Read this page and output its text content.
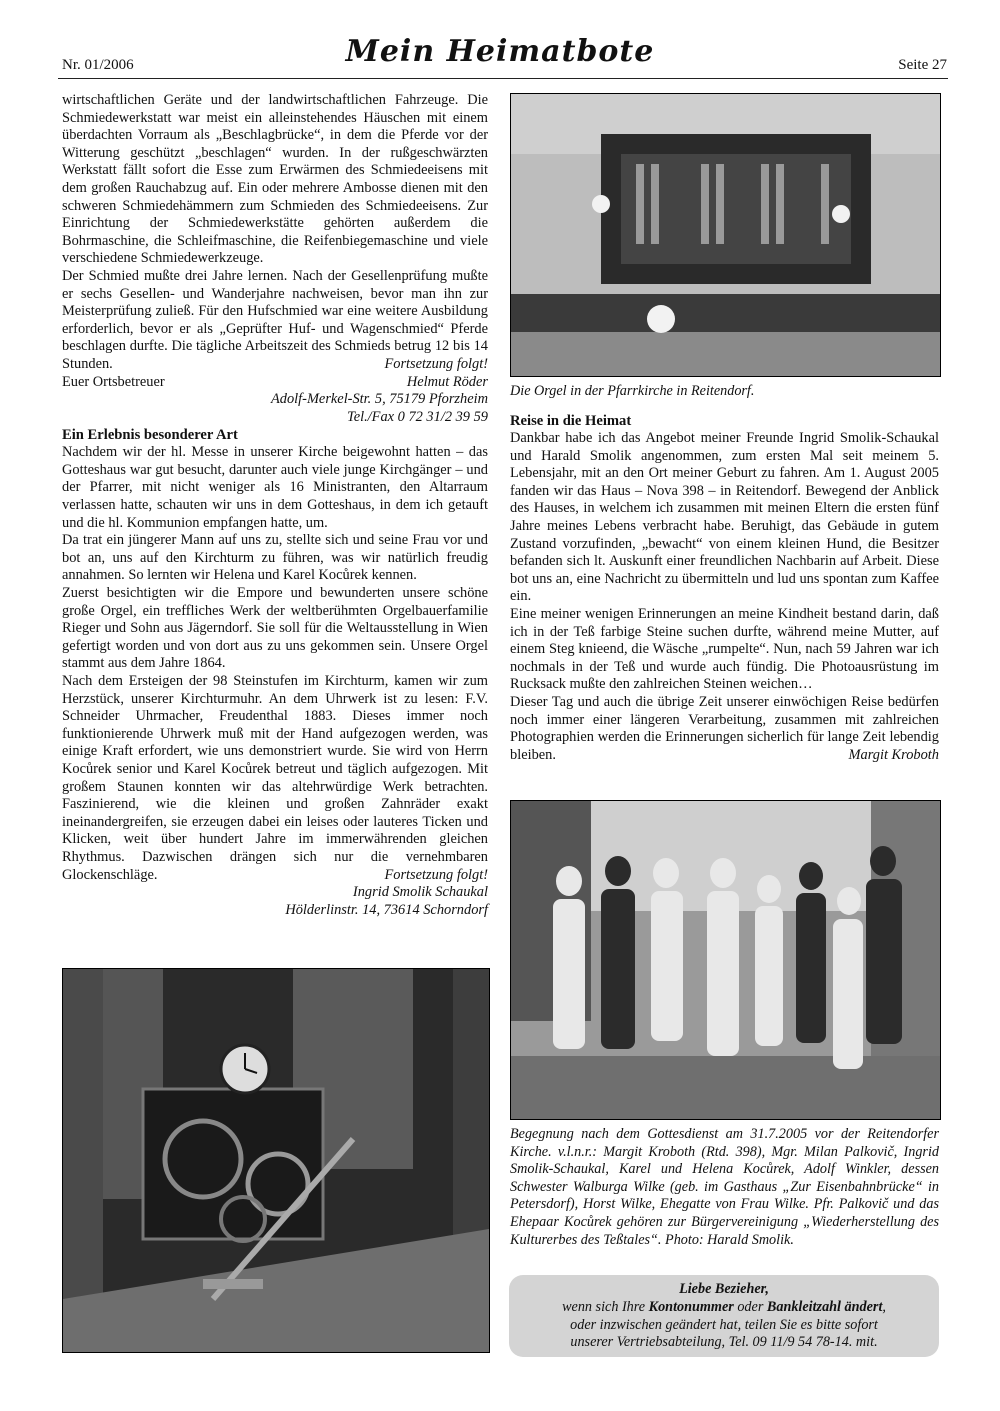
Nr. 01/2006	Mein Heimatbote	Seite 27

wirtschaftlichen Geräte und der landwirtschaftlichen Fahrzeuge. Die Schmiedewerkstatt war meist ein alleinstehendes Häuschen mit einem überdachten Vorraum als „Beschlagbrücke“, in dem die Pferde vor der Witterung geschützt „beschlagen“ wurden. In der rußgeschwärzten Werkstatt fällt sofort die Esse zum Erwärmen des Schmiedeeisens mit dem großen Rauchabzug auf. Ein oder mehrere Ambosse dienen mit den schweren Schmiedehämmern zum Schmieden des Schmiedeeisens. Zur Einrichtung der Schmiedewerkstätte gehörten außerdem die Bohrmaschine, die Schleifmaschine, die Reifenbiegemaschine und viele verschiedene Schmiedewerkzeuge.

Der Schmied mußte drei Jahre lernen. Nach der Gesellenprüfung mußte er sechs Gesellen- und Wanderjahre nachweisen, bevor man ihn zur Meisterprüfung zuließ. Für den Hufschmied war eine weitere Ausbildung erforderlich, bevor er als „Geprüfter Huf- und Wagenschmied“ Pferde beschlagen durfte. Die tägliche Arbeitszeit des Schmieds betrug 12 bis 14 Stunden.	Fortsetzung folgt!

Euer Ortsbetreuer	Helmut Röder

Adolf-Merkel-Str. 5, 75179 Pforzheim

Tel./Fax 0 72 31/2 39 59

Ein Erlebnis besonderer Art

Nachdem wir der hl. Messe in unserer Kirche beigewohnt hatten – das Gotteshaus war gut besucht, darunter auch viele junge Kirchgänger – und der Pfarrer, mit nicht weniger als 16 Ministranten, den Altarraum verlassen hatte, schauten wir uns in dem Gotteshaus, in dem ich getauft und die hl. Kommunion empfangen hatte, um.

Da trat ein jüngerer Mann auf uns zu, stellte sich und seine Frau vor und bot an, uns auf den Kirchturm zu führen, was wir natürlich freudig annahmen. So lernten wir Helena und Karel Kocůrek kennen.

Zuerst besichtigten wir die Empore und bewunderten unsere schöne große Orgel, ein treffliches Werk der weltberühmten Orgelbauerfamilie Rieger und Sohn aus Jägerndorf. Sie soll für die Weltausstellung in Wien gefertigt worden und von dort aus zu uns gekommen sein. Unsere Orgel stammt aus dem Jahre 1864.

Nach dem Ersteigen der 98 Steinstufen im Kirchturm, kamen wir zum Herzstück, unserer Kirchturmuhr. An dem Uhrwerk ist zu lesen: F.V. Schneider Uhrmacher, Freudenthal 1883. Dieses immer noch funktionierende Uhrwerk muß mit der Hand aufgezogen werden, was einige Kraft erfordert, wie uns demonstriert wurde. Sie wird von Herrn Kocůrek senior und Karel Kocůrek betreut und täglich aufgezogen. Mit großem Staunen konnten wir das altehrwürdige Werk betrachten. Faszinierend, wie die kleinen und großen Zahnräder exakt ineinandergreifen, sie erzeugen dabei ein leises oder lauteres Ticken und Klicken, weit über hundert Jahre im immerwährenden gleichen Rhythmus. Dazwischen drängen sich nur die vernehmbaren Glockenschläge.	Fortsetzung folgt!

Ingrid Smolik Schaukal

Hölderlinstr. 14, 73614 Schorndorf

Die Orgel in der Pfarrkirche in Reitendorf.
Reise in die Heimat

Dankbar habe ich das Angebot meiner Freunde Ingrid Smolik-Schaukal und Harald Smolik angenommen, zum ersten Mal seit meinem 5. Lebensjahr, mit an den Ort meiner Geburt zu fahren. Am 1. August 2005 fanden wir das Haus – Nova 398 – in Reitendorf. Bewegend der Anblick des Hauses, in welchem ich zusammen mit meinen Eltern die ersten fünf Jahre meines Lebens verbracht habe. Beruhigt, das Gebäude in gutem Zustand vorzufinden, „bewacht“ von einem kleinen Hund, die Besitzer befanden sich lt. Auskunft einer freundlichen Nachbarin auf Arbeit. Diese bot uns an, eine Nachricht zu übermitteln und lud uns spontan zum Kaffee ein.

Eine meiner wenigen Erinnerungen an meine Kindheit bestand darin, daß ich in der Teß farbige Steine suchen durfte, während meine Mutter, auf einem Steg knieend, die Wäsche „rumpelte“. Nun, nach 59 Jahren war ich nochmals in der Teß und wurde auch fündig. Die Photoausrüstung im Rucksack mußte den zahlreichen Steinen weichen…

Dieser Tag und auch die übrige Zeit unserer einwöchigen Reise bedürfen noch immer einer längeren Verarbeitung, zusammen mit zahlreichen Photographien werden die Erinnerungen sicherlich für lange Zeit lebendig bleiben.	Margit Kroboth

Begegnung nach dem Gottesdienst am 31.7.2005 vor der Reitendorfer Kirche. v.l.n.r.: Margit Kroboth (Rtd. 398), Mgr. Milan Palkovič, Ingrid Smolik-Schaukal, Karel und Helena Kocůrek, Adolf Winkler, dessen Schwester Walburga Wilke (geb. im Gasthaus „Zur Eisenbahnbrücke“ in Petersdorf), Horst Wilke, Ehegatte von Frau Wilke. Pfr. Palkovič und das Ehepaar Kocůrek gehören zur Bürgervereinigung „Wiederherstellung des Kulturerbes des Teßtales“. Photo: Harald Smolik.
Liebe Bezieher,
wenn sich Ihre Kontonummer oder Bankleitzahl ändert,
oder inzwischen geändert hat, teilen Sie es bitte sofort
unserer Vertriebsabteilung, Tel. 09 11/9 54 78-14. mit.
